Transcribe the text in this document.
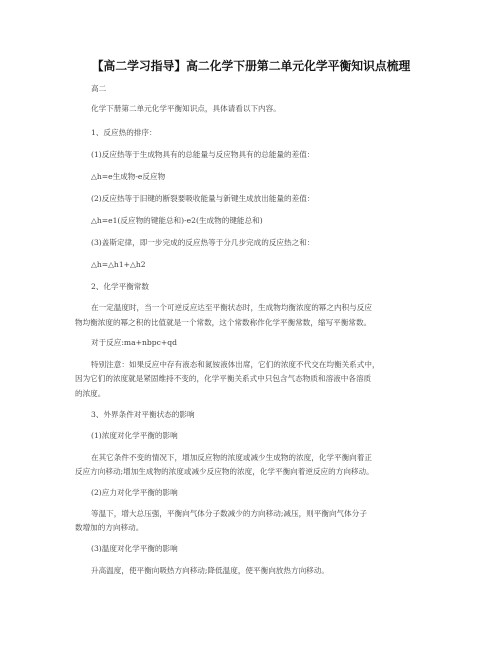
【高二学习指导】高二化学下册第二单元化学平衡知识点梳理
高二
化学下册第二单元化学平衡知识点，具体请看以下内容。
1、反应热的排序：
(1)反应热等于生成物具有的总能量与反应物具有的总能量的差值：
△h=e生成物-e反应物
(2)反应热等于旧键的断裂要吸收能量与新键生成放出能量的差值：
△h=e1(反应物的键能总和)-e2(生成物的键能总和)
(3)盖斯定律，即一步完成的反应热等于分几步完成的反应热之和：
△h=△h1+△h2
2、化学平衡常数
在一定温度时，当一个可逆反应达至平衡状态时，生成物均衡浓度的幂之内积与反应
物均衡浓度的幂之积的比值就是一个常数，这个常数称作化学平衡常数，缩写平衡常数。
对于反应:ma+nbpc+qd
特别注意：如果反应中存有液态和氮铵液体出席，它们的浓度不代交在均衡关系式中，
因为它们的浓度就是紧固维持不变的，化学平衡关系式中只包含气态物质和溶液中各溶质
的浓度。
3、外界条件对平衡状态的影响
(1)浓度对化学平衡的影响
在其它条件不变的情况下，增加反应物的浓度或减少生成物的浓度，化学平衡向着正
反应方向移动;增加生成物的浓度或减少反应物的浓度，化学平衡向着逆反应的方向移动。
(2)应力对化学平衡的影响
等温下，增大总压强，平衡向气体分子数减少的方向移动;减压，则平衡向气体分子
数增加的方向移动。
(3)温度对化学平衡的影响
升高温度，使平衡向吸热方向移动;降低温度，使平衡向放热方向移动。
